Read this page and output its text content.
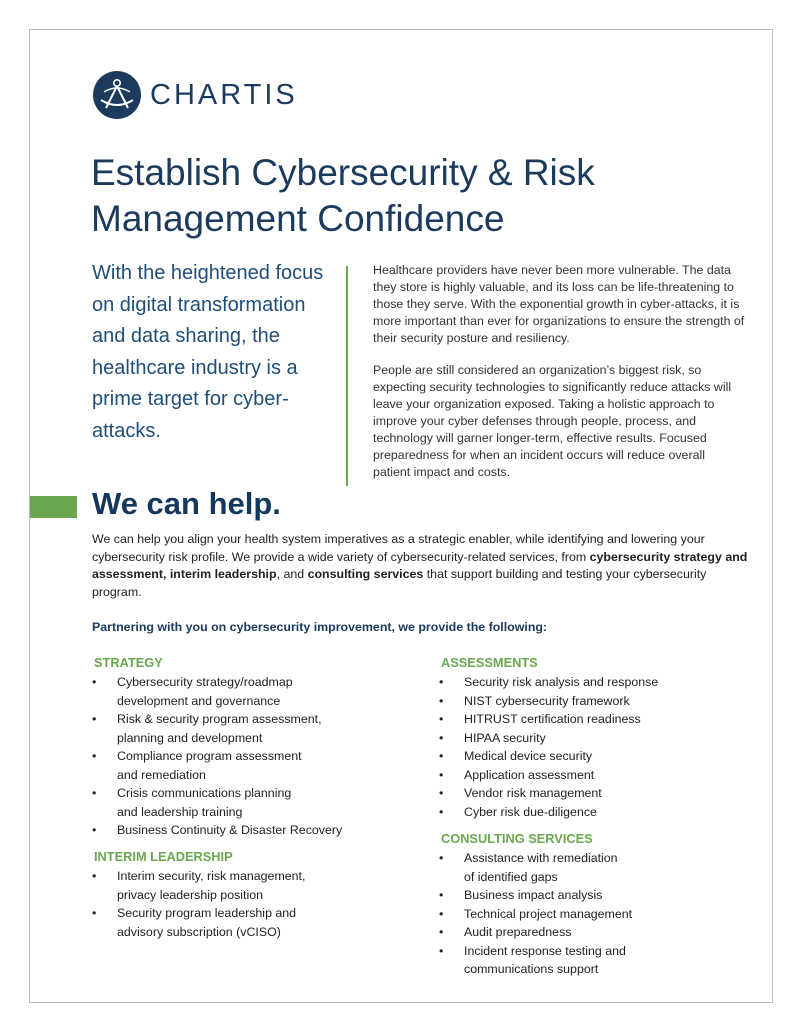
CHARTIS
Establish Cybersecurity & Risk
Management Confidence

With the heightened focus on digital transformation and data sharing, the healthcare industry is a prime target for cyber-attacks.

Healthcare providers have never been more vulnerable. The data they store is highly valuable, and its loss can be life-threatening to those they serve. With the exponential growth in cyber-attacks, it is more important than ever for organizations to ensure the strength of their security posture and resiliency.

People are still considered an organization’s biggest risk, so expecting security technologies to significantly reduce attacks will leave your organization exposed. Taking a holistic approach to improve your cyber defenses through people, process, and technology will garner longer-term, effective results. Focused preparedness for when an incident occurs will reduce overall patient impact and costs.

We can help.

We can help you align your health system imperatives as a strategic enabler, while identifying and lowering your cybersecurity risk profile. We provide a wide variety of cybersecurity-related services, from cybersecurity strategy and assessment, interim leadership, and consulting services that support building and testing your cybersecurity program.

Partnering with you on cybersecurity improvement, we provide the following:

STRATEGY
• Cybersecurity strategy/roadmap
development and governance
• Risk & security program assessment,
planning and development
• Compliance program assessment
and remediation
• Crisis communications planning
and leadership training
• Business Continuity & Disaster Recovery
INTERIM LEADERSHIP
• Interim security, risk management,
privacy leadership position
• Security program leadership and
advisory subscription (vCISO)
ASSESSMENTS
• Security risk analysis and response
• NIST cybersecurity framework
• HITRUST certification readiness
• HIPAA security
• Medical device security
• Application assessment
• Vendor risk management
• Cyber risk due-diligence
CONSULTING SERVICES
• Assistance with remediation
of identified gaps
• Business impact analysis
• Technical project management
• Audit preparedness
• Incident response testing and
communications support
